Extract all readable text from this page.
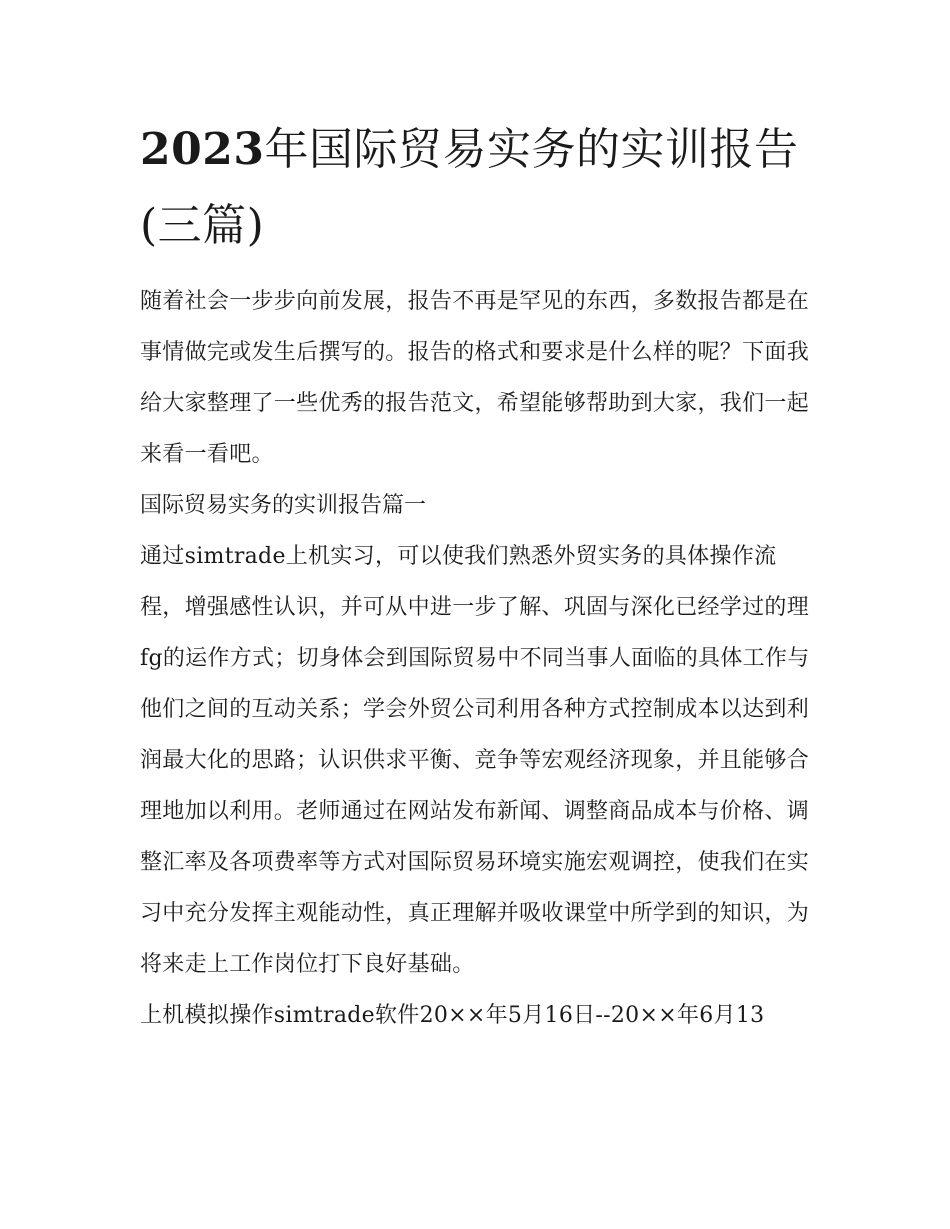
2023年国际贸易实务的实训报告(三篇)

随着社会一步步向前发展，报告不再是罕见的东西，多数报告都是在事情做完或发生后撰写的。报告的格式和要求是什么样的呢？下面我给大家整理了一些优秀的报告范文，希望能够帮助到大家，我们一起来看一看吧。

国际贸易实务的实训报告篇一

通过simtrade上机实习，可以使我们熟悉外贸实务的具体操作流程，增强感性认识，并可从中进一步了解、巩固与深化已经学过的理fg的运作方式；切身体会到国际贸易中不同当事人面临的具体工作与他们之间的互动关系；学会外贸公司利用各种方式控制成本以达到利润最大化的思路；认识供求平衡、竞争等宏观经济现象，并且能够合理地加以利用。老师通过在网站发布新闻、调整商品成本与价格、调整汇率及各项费率等方式对国际贸易环境实施宏观调控，使我们在实习中充分发挥主观能动性，真正理解并吸收课堂中所学到的知识，为将来走上工作岗位打下良好基础。

上机模拟操作simtrade软件20××年5月16日--20××年6月13
